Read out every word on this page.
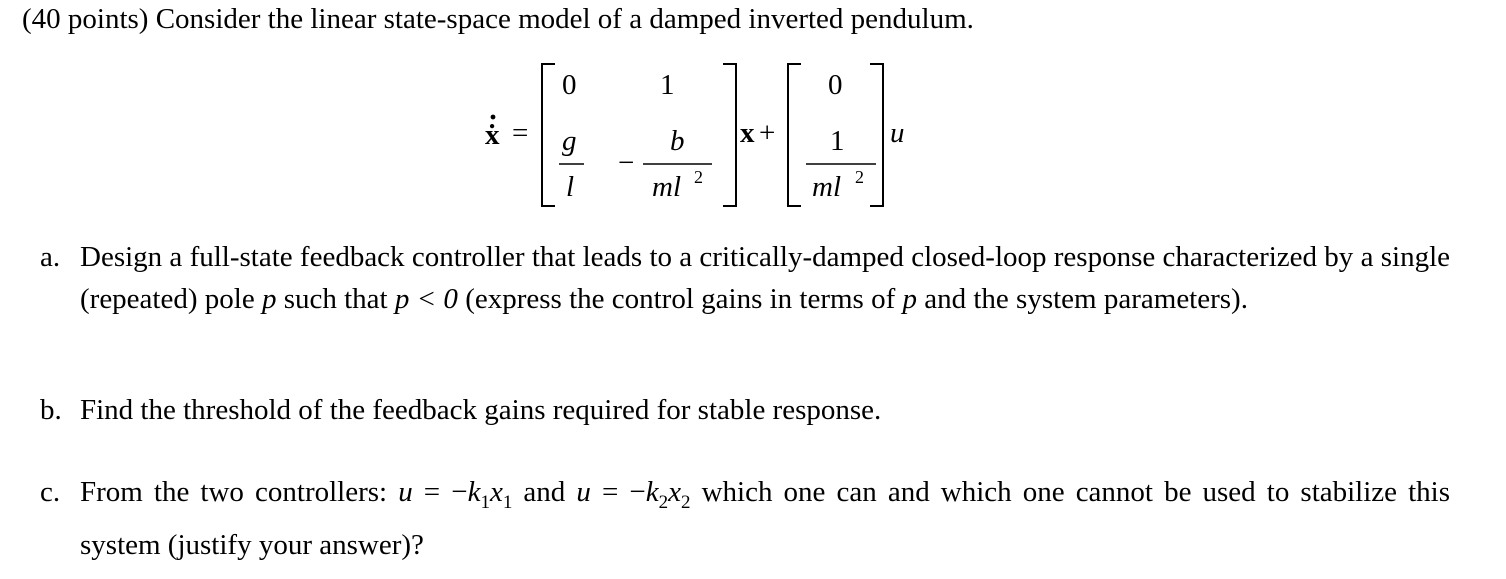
(40 points) Consider the linear state-space model of a damped inverted pendulum.
ẋ =
0	1
g
l
−
b
ml 2
x +
0
1
ml 2
u
a. Design a full-state feedback controller that leads to a critically-damped closed-loop response characterized by a single (repeated) pole p such that p < 0 (express the control gains in terms of p and the system parameters).
b. Find the threshold of the feedback gains required for stable response.
c. From the two controllers: $u = -k_1x_1$ and $u = -k_2x_2$ which one can and which one cannot be used to stabilize this system (justify your answer)?
